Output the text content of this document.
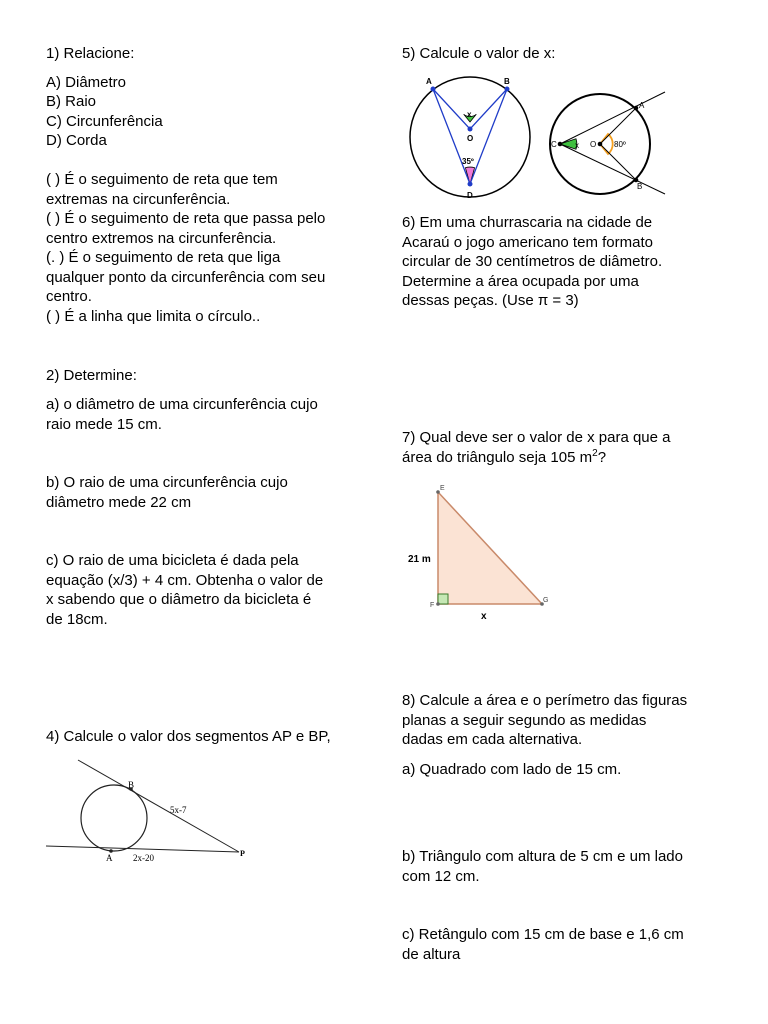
1) Relacione:

A) Diâmetro

B) Raio

C) Circunferência

D) Corda

( ) É o seguimento de reta que tem

extremas na circunferência.

( ) É o seguimento de reta que passa pelo

centro extremos na circunferência.

(. ) É o seguimento de reta que liga

qualquer ponto da circunferência com seu

centro.

( ) É a linha que limita o círculo..

2) Determine:

a) o diâmetro de uma circunferência cujo

raio mede 15 cm.

b) O raio de uma circunferência cujo

diâmetro mede 22 cm

c) O raio de uma bicicleta é dada pela

equação (x/3) + 4 cm. Obtenha o valor de

x sabendo que o diâmetro da bicicleta é

de 18cm.

4) Calcule o valor dos segmentos AP e BP,

B
A	P
5x-7
2x-20

5) Calcule o valor de x:

A	B
x
O
35º
D
C x O 80º
A
B

6) Em uma churrascaria na cidade de

Acaraú o jogo americano tem formato

circular de 30 centímetros de diâmetro.

Determine a área ocupada por uma

dessas peças. (Use π = 3)

7) Qual deve ser o valor de x para que a

área do triângulo seja 105 $m^2$?

E
F
G
21 m
x

8) Calcule a área e o perímetro das figuras

planas a seguir segundo as medidas

dadas em cada alternativa.

a) Quadrado com lado de 15 cm.

b) Triângulo com altura de 5 cm e um lado

com 12 cm.

c) Retângulo com 15 cm de base e 1,6 cm

de altura
